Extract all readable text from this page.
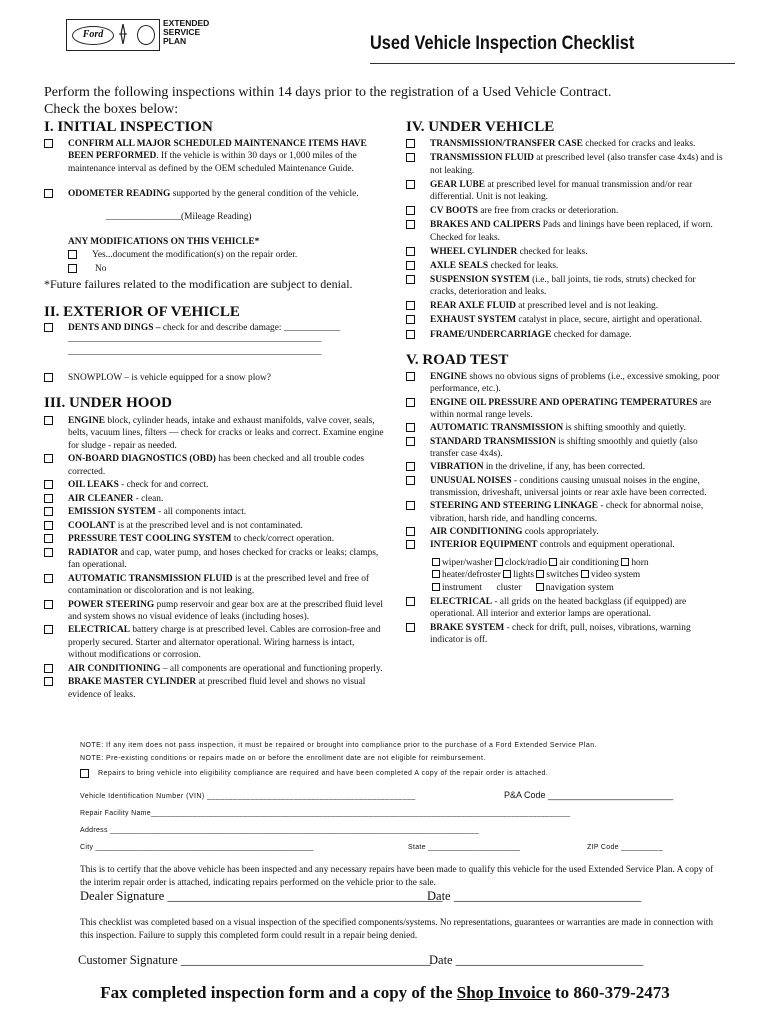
Ford
EXTENDED
SERVICE
PLAN	Used Vehicle Inspection Checklist
Perform the following inspections within 14 days prior to the registration of a Used Vehicle Contract.
Check the boxes below:
I. INITIAL INSPECTION
CONFIRM ALL MAJOR SCHEDULED MAINTENANCE ITEMS HAVE BEEN PERFORMED. If the vehicle is within 30 days or 1,000 miles of the maintenance interval as defined by the OEM scheduled Maintenance Guide.
ODOMETER READING supported by the general condition of the vehicle.
________________(Mileage Reading)
ANY MODIFICATIONS ON THIS VEHICLE*
Yes...document the modification(s) on the repair order.
No
*Future failures related to the modification are subject to denial.
II. EXTERIOR OF VEHICLE
DENTS AND DINGS – check for and describe damage: ____________
———————————————————————————
———————————————————————————
SNOWPLOW – is vehicle equipped for a snow plow?
III. UNDER HOOD
ENGINE block, cylinder heads, intake and exhaust manifolds, valve cover, seals, belts, vacuum lines, filters — check for cracks or leaks and correct. Examine engine for sludge - repair as needed.
ON-BOARD DIAGNOSTICS (OBD) has been checked and all trouble codes corrected.
OIL LEAKS - check for and correct.
AIR CLEANER - clean.
EMISSION SYSTEM - all components intact.
COOLANT is at the prescribed level and is not contaminated.
PRESSURE TEST COOLING SYSTEM to check/correct operation.
RADIATOR and cap, water pump, and hoses checked for cracks or leaks; clamps, fan operational.
AUTOMATIC TRANSMISSION FLUID is at the prescribed level and free of contamination or discoloration and is not leaking.
POWER STEERING pump reservoir and gear box are at the prescribed fluid level and system shows no visual evidence of leaks (including hoses).
ELECTRICAL battery charge is at prescribed level. Cables are corrosion-free and properly secured. Starter and alternator operational. Wiring harness is intact, without modifications or corrosion.
AIR CONDITIONING – all components are operational and functioning properly.
BRAKE MASTER CYLINDER at prescribed fluid level and shows no visual evidence of leaks.
IV. UNDER VEHICLE
TRANSMISSION/TRANSFER CASE checked for cracks and leaks.
TRANSMISSION FLUID at prescribed level (also transfer case 4x4s) and is not leaking.
GEAR LUBE at prescribed level for manual transmission and/or rear differential. Unit is not leaking.
CV BOOTS are free from cracks or deterioration.
BRAKES AND CALIPERS Pads and linings have been replaced, if worn. Checked for leaks.
WHEEL CYLINDER checked for leaks.
AXLE SEALS checked for leaks.
SUSPENSION SYSTEM (i.e., ball joints, tie rods, struts) checked for cracks, deterioration and leaks.
REAR AXLE FLUID at prescribed level and is not leaking.
EXHAUST SYSTEM catalyst in place, secure, airtight and operational.
FRAME/UNDERCARRIAGE checked for damage.
V. ROAD TEST
ENGINE shows no obvious signs of problems (i.e., excessive smoking, poor performance, etc.).
ENGINE OIL PRESSURE AND OPERATING TEMPERATURES are within normal range levels.
AUTOMATIC TRANSMISSION is shifting smoothly and quietly.
STANDARD TRANSMISSION is shifting smoothly and quietly (also transfer case 4x4s).
VIBRATION in the driveline, if any, has been corrected.
UNUSUAL NOISES - conditions causing unusual noises in the engine, transmission, driveshaft, universal joints or rear axle have been corrected.
STEERING AND STEERING LINKAGE - check for abnormal noise, vibration, harsh ride, and handling concerns.
AIR CONDITIONING cools appropriately.
INTERIOR EQUIPMENT controls and equipment operational.
wiper/washer clock/radio air conditioning horn
heater/defroster lights switches video system
instrument cluster	navigation system
ELECTRICAL - all grids on the heated backglass (if equipped) are operational. All interior and exterior lamps are operational.
BRAKE SYSTEM - check for drift, pull, noises, vibrations, warning indicator is off.
NOTE: If any item does not pass inspection, it must be repaired or brought into compliance prior to the purchase of a Ford Extended Service Plan.
NOTE: Pre-existing conditions or repairs made on or before the enrollment date are not eligible for reimbursement.
Repairs to bring vehicle into eligibility compliance are required and have been completed A copy of the repair order is attached.
Vehicle Identification Number (VIN) ________________________________________________	P&A Code _________________________
Repair Facility Name____________________________________________________________________________________________________
Address ________________________________________________________________________________________
City ____________________________________________________	State ______________________	ZIP Code __________
This is to certify that the above vehicle has been inspected and any necessary repairs have been made to qualify this vehicle for the used Extended Service Plan. A copy of the interim repair order is attached, indicating repairs performed on the vehicle prior to the sale.
Dealer Signature ____________________________________________
Date ______________________________
This checklist was completed based on a visual inspection of the specified components/systems. No representations, guarantees or warranties are made in connection with this inspection. Failure to supply this completed form could result in a repair being denied.
Customer Signature ________________________________________
Date ______________________________
Fax completed inspection form and a copy of the Shop Invoice to 860-379-2473
